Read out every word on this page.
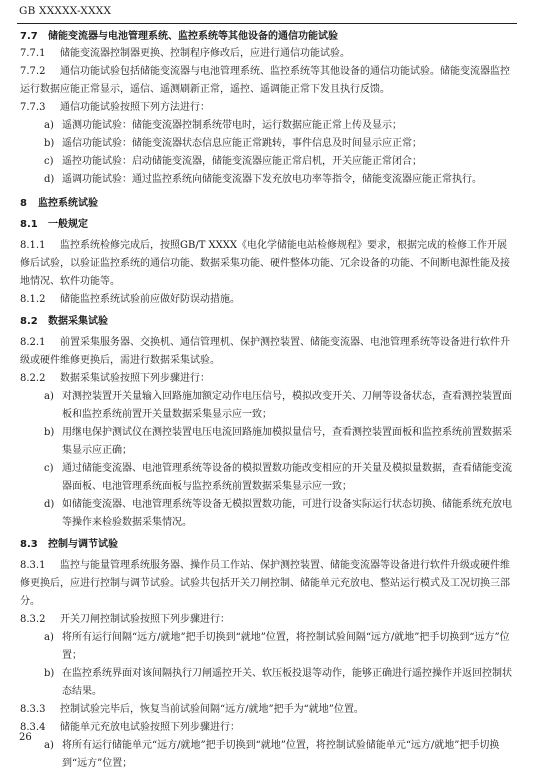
GB XXXXX-XXXX

7.7 储能变流器与电池管理系统、监控系统等其他设备的通信功能试验

7.7.1 储能变流器控制器更换、控制程序修改后，应进行通信功能试验。

7.7.2 通信功能试验包括储能变流器与电池管理系统、监控系统等其他设备的通信功能试验。储能变流器监控运行数据应能正常显示，遥信、遥测刷新正常，遥控、遥调能正常下发且执行反馈。

7.7.3 通信功能试验按照下列方法进行：

a) 遥测功能试验：储能变流器控制系统带电时，运行数据应能正常上传及显示；

b) 遥信功能试验：储能变流器状态信息应能正常跳转，事件信息及时间显示应正常；

c) 遥控功能试验：启动储能变流器，储能变流器应能正常启机，开关应能正常闭合；

d) 遥调功能试验：通过监控系统向储能变流器下发充放电功率等指令，储能变流器应能正常执行。

8 监控系统试验

8.1 一般规定

8.1.1 监控系统检修完成后，按照GB/T XXXX《电化学储能电站检修规程》要求，根据完成的检修工作开展修后试验，以验证监控系统的通信功能、数据采集功能、硬件整体功能、冗余设备的功能、不间断电源性能及接地情况、软件功能等。

8.1.2 储能监控系统试验前应做好防误动措施。

8.2 数据采集试验

8.2.1 前置采集服务器、交换机、通信管理机、保护测控装置、储能变流器、电池管理系统等设备进行软件升级或硬件维修更换后，需进行数据采集试验。

8.2.2 数据采集试验按照下列步骤进行：

a) 对测控装置开关量输入回路施加额定动作电压信号，模拟改变开关、刀闸等设备状态，查看测控装置面板和监控系统前置开关量数据采集显示应一致；

b) 用继电保护测试仪在测控装置电压电流回路施加模拟量信号，查看测控装置面板和监控系统前置数据采集显示应正确；

c) 通过储能变流器、电池管理系统等设备的模拟置数功能改变相应的开关量及模拟量数据，查看储能变流器面板、电池管理系统面板与监控系统前置数据采集显示应一致；

d) 如储能变流器、电池管理系统等设备无模拟置数功能，可进行设备实际运行状态切换、储能系统充放电等操作来检验数据采集情况。

8.3 控制与调节试验

8.3.1 监控与能量管理系统服务器、操作员工作站、保护测控装置、储能变流器等设备进行软件升级或硬件维修更换后，应进行控制与调节试验。试验共包括开关刀闸控制、储能单元充放电、整站运行模式及工况切换三部分。

8.3.2 开关刀闸控制试验按照下列步骤进行：

a) 将所有运行间隔“远方/就地”把手切换到“就地”位置，将控制试验间隔“远方/就地”把手切换到“远方”位置；

b) 在监控系统界面对该间隔执行刀闸遥控开关、软压板投退等动作，能够正确进行遥控操作并返回控制状态结果。

8.3.3 控制试验完毕后，恢复当前试验间隔“远方/就地”把手为“就地”位置。

8.3.4 储能单元充放电试验按照下列步骤进行：

a) 将所有运行储能单元“远方/就地”把手切换到“就地”位置，将控制试验储能单元“远方/就地”把手切换到“远方”位置；

26
